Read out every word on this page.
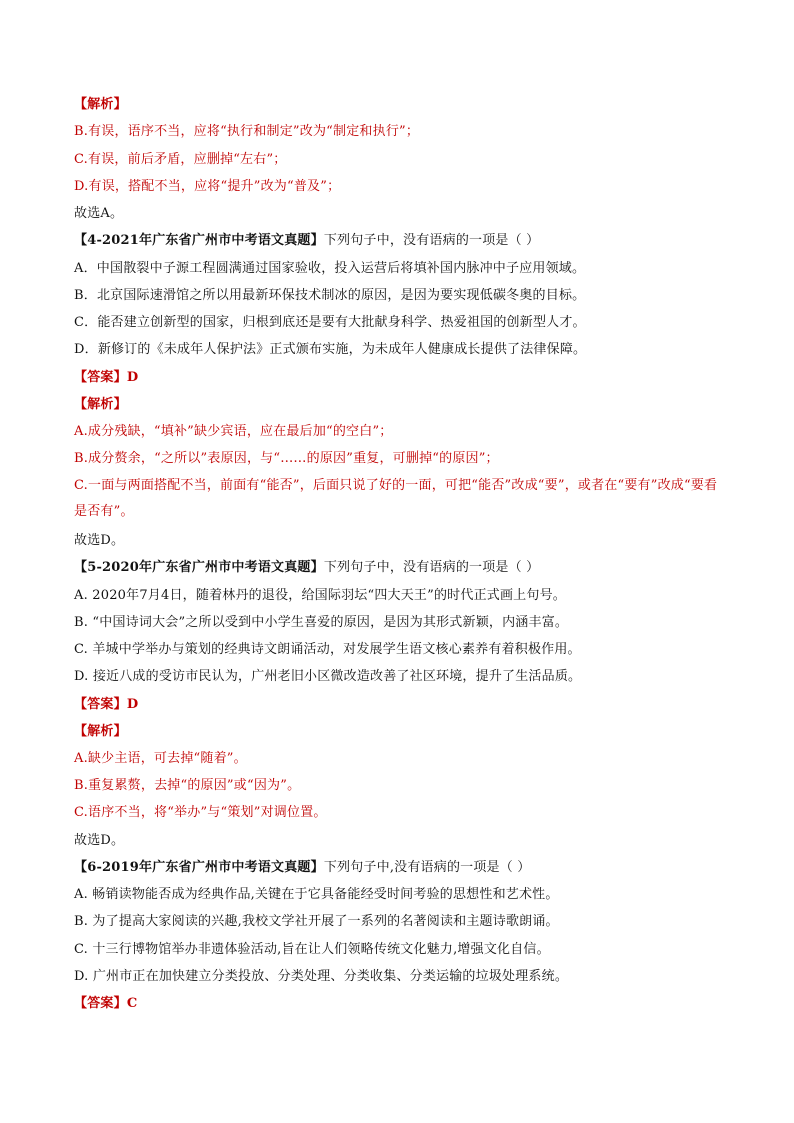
【解析】
B.有误，语序不当，应将“执行和制定”改为“制定和执行”；
C.有误，前后矛盾，应删掉“左右”；
D.有误，搭配不当，应将“提升”改为“普及”；
故选A。
【4-2021年广东省广州市中考语文真题】下列句子中，没有语病的一项是（ ）
A．中国散裂中子源工程圆满通过国家验收，投入运营后将填补国内脉冲中子应用领域。
B．北京国际速滑馆之所以用最新环保技术制冰的原因，是因为要实现低碳冬奥的目标。
C．能否建立创新型的国家，归根到底还是要有大批献身科学、热爱祖国的创新型人才。
D．新修订的《未成年人保护法》正式颁布实施，为未成年人健康成长提供了法律保障。
【答案】D
【解析】
A.成分残缺，“填补”缺少宾语，应在最后加“的空白”；
B.成分赘余，“之所以”表原因，与“……的原因”重复，可删掉“的原因”；
C.一面与两面搭配不当，前面有“能否”，后面只说了好的一面，可把“能否”改成“要”，或者在“要有”改成“要看是否有”。
故选D。
【5-2020年广东省广州市中考语文真题】下列句子中，没有语病的一项是（ ）
A. 2020年7月4日，随着林丹的退役，给国际羽坛“四大天王”的时代正式画上句号。
B. “中国诗词大会”之所以受到中小学生喜爱的原因，是因为其形式新颖，内涵丰富。
C. 羊城中学举办与策划的经典诗文朗诵活动，对发展学生语文核心素养有着积极作用。
D. 接近八成的受访市民认为，广州老旧小区微改造改善了社区环境，提升了生活品质。
【答案】D
【解析】
A.缺少主语，可去掉“随着”。
B.重复累赘，去掉“的原因”或“因为”。
C.语序不当，将“举办”与“策划”对调位置。
故选D。
【6-2019年广东省广州市中考语文真题】下列句子中,没有语病的一项是（ ）
A. 畅销读物能否成为经典作品,关键在于它具备能经受时间考验的思想性和艺术性。
B. 为了提高大家阅读的兴趣,我校文学社开展了一系列的名著阅读和主题诗歌朗诵。
C. 十三行博物馆举办非遗体验活动,旨在让人们领略传统文化魅力,增强文化自信。
D. 广州市正在加快建立分类投放、分类处理、分类收集、分类运输的垃圾处理系统。
【答案】C
